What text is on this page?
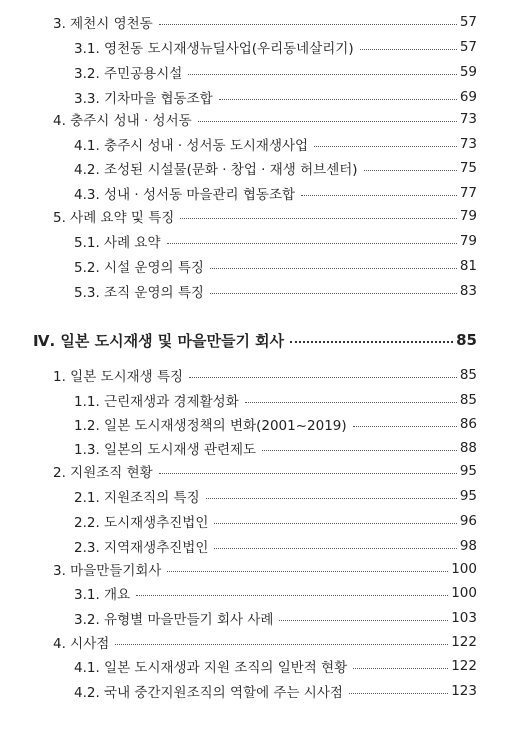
3. 제천시 영천동	57
3.1. 영천동 도시재생뉴딜사업(우리동네살리기)	57
3.2. 주민공용시설	59
3.3. 기차마을 협동조합	69
4. 충주시 성내 · 성서동	73
4.1. 충주시 성내 · 성서동 도시재생사업	73
4.2. 조성된 시설물(문화 · 창업 · 재생 허브센터)	75
4.3. 성내 · 성서동 마을관리 협동조합	77
5. 사례 요약 및 특징	79
5.1. 사례 요약	79
5.2. 시설 운영의 특징	81
5.3. 조직 운영의 특징	83
Ⅳ. 일본 도시재생 및 마을만들기 회사	85
1. 일본 도시재생 특징	85
1.1. 근린재생과 경제활성화	85
1.2. 일본 도시재생정책의 변화(2001~2019)	86
1.3. 일본의 도시재생 관련제도	88
2. 지원조직 현황	95
2.1. 지원조직의 특징	95
2.2. 도시재생추진법인	96
2.3. 지역재생추진법인	98
3. 마을만들기회사	100
3.1. 개요	100
3.2. 유형별 마을만들기 회사 사례	103
4. 시사점	122
4.1. 일본 도시재생과 지원 조직의 일반적 현황	122
4.2. 국내 중간지원조직의 역할에 주는 시사점	123
